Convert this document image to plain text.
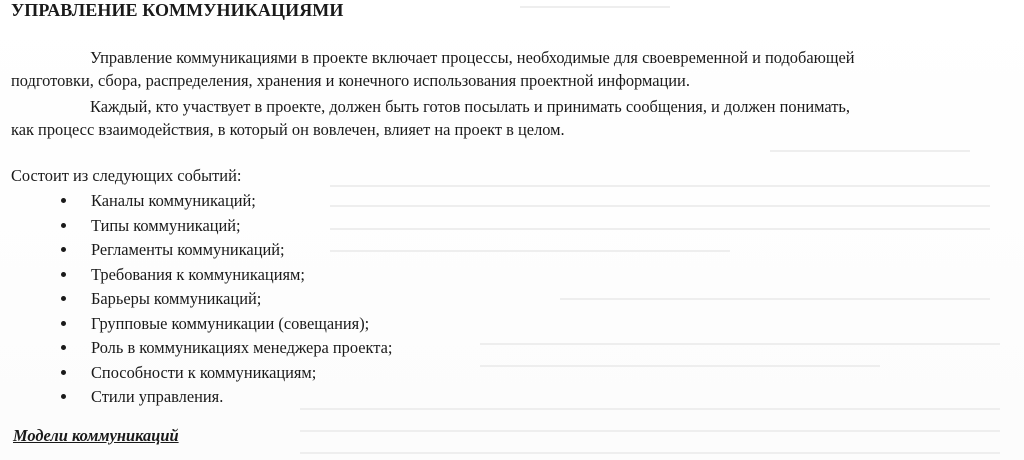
УПРАВЛЕНИЕ КОММУНИКАЦИЯМИ

Управление коммуникациями в проекте включает процессы, необходимые для своевременной и подобающей
подготовки, сбора, распределения, хранения и конечного использования проектной информации.

Каждый, кто участвует в проекте, должен быть готов посылать и принимать сообщения, и должен понимать,
как процесс взаимодействия, в который он вовлечен, влияет на проект в целом.

Состоит из следующих событий:
Каналы коммуникаций;
Типы коммуникаций;
Регламенты коммуникаций;
Требования к коммуникациям;
Барьеры коммуникаций;
Групповые коммуникации (совещания);
Роль в коммуникациях менеджера проекта;
Способности к коммуникациям;
Стили управления.
Модели коммуникаций
